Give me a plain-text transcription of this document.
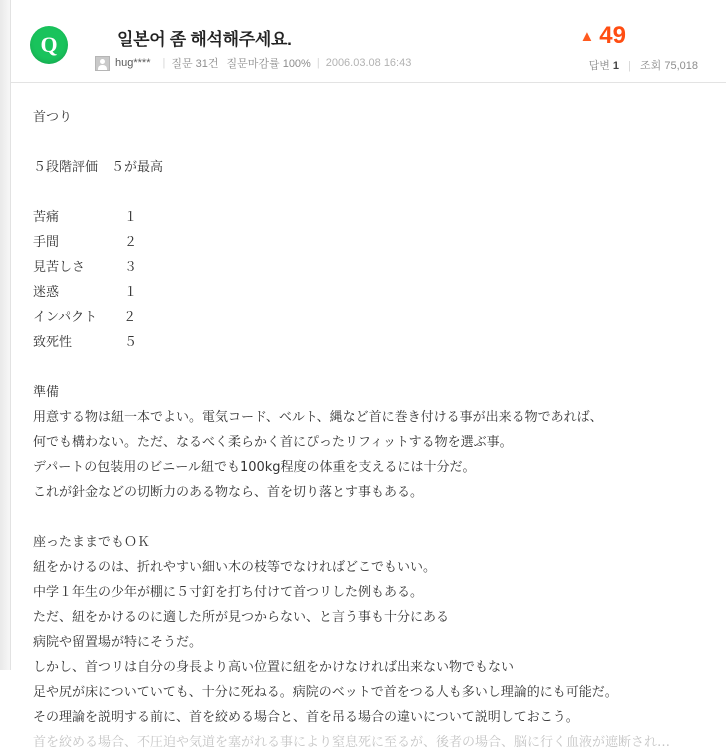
Q	일본어 좀 해석해주세요.
hug**** | 질문 31건 질문마감률 100% | 2006.03.08 16:43
▲ 49
답변 1 | 조회 75,018
首つり
５段階評価　５が最高
苦痛　　　　　１
手間　　　　　２
見苦しさ　　　３
迷惑　　　　　１
インパクト　　２
致死性　　　　５
準備
用意する物は紐一本でよい。電気コード、ベルト、縄など首に巻き付ける事が出来る物であれば、
何でも構わない。ただ、なるべく柔らかく首にぴったリフィットする物を選ぶ事。
デパートの包装用のビニール紐でも100kg程度の体重を支えるには十分だ。
これが針金などの切断力のある物なら、首を切り落とす事もある。
座ったままでもＯＫ
紐をかけるのは、折れやすい細い木の枝等でなければどこでもいい。
中学１年生の少年が棚に５寸釘を打ち付けて首つリした例もある。
ただ、紐をかけるのに適した所が見つからない、と言う事も十分にある
病院や留置場が特にそうだ。
しかし、首つリは自分の身長より高い位置に紐をかけなければ出来ない物でもない
足や尻が床についていても、十分に死ねる。病院のベットで首をつる人も多いし理論的にも可能だ。
その理論を説明する前に、首を絞める場合と、首を吊る場合の違いについて説明しておこう。
首を絞める場合、不圧迫や気道を塞がれる事により窒息死に至るが、後者の場合、脳に行く血液が遮断され…
